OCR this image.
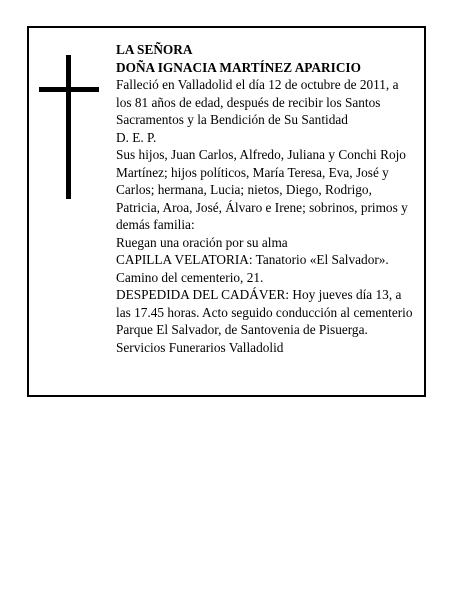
LA SEÑORA
DOÑA IGNACIA MARTÍNEZ APARICIO
Falleció en Valladolid el día 12 de octubre de 2011, a
los 81 años de edad, después de recibir los Santos
Sacramentos y la Bendición de Su Santidad
D. E. P.
Sus hijos, Juan Carlos, Alfredo, Juliana y Conchi Rojo
Martínez; hijos políticos, María Teresa, Eva, José y
Carlos; hermana, Lucia; nietos, Diego, Rodrigo,
Patricia, Aroa, José, Álvaro e Irene; sobrinos, primos y
demás familia:
Ruegan una oración por su alma
CAPILLA VELATORIA: Tanatorio «El Salvador».
Camino del cementerio, 21.
DESPEDIDA DEL CADÁVER: Hoy jueves día 13, a
las 17.45 horas. Acto seguido conducción al cementerio
Parque El Salvador, de Santovenia de Pisuerga.
Servicios Funerarios Valladolid
